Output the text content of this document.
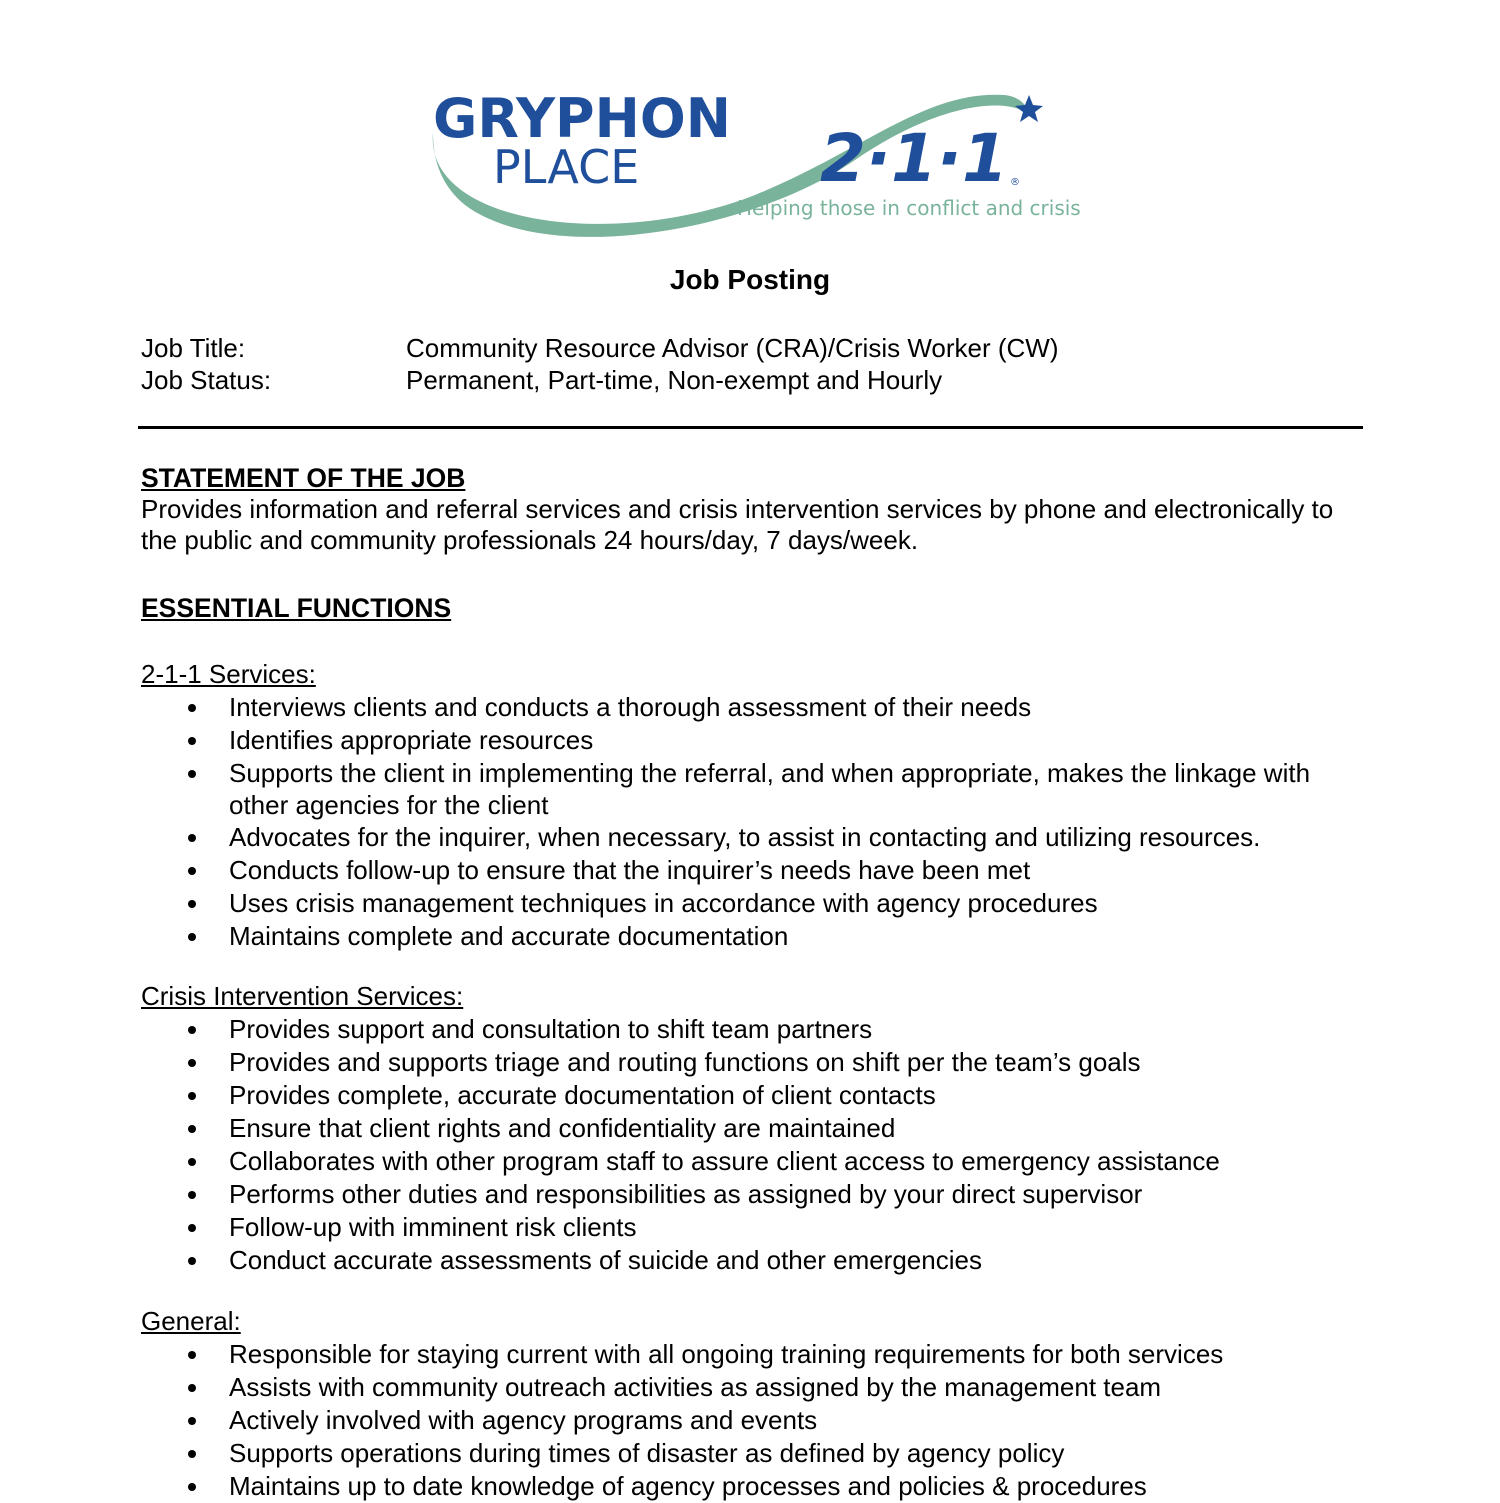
GRYPHON
PLACE	2·1·1 ®
Helping those in conflict and crisis
Job Posting
Job Title:	Community Resource Advisor (CRA)/Crisis Worker (CW)
Job Status:	Permanent, Part-time, Non-exempt and Hourly
STATEMENT OF THE JOB

Provides information and referral services and crisis intervention services by phone and electronically to the public and community professionals 24 hours/day, 7 days/week.

ESSENTIAL FUNCTIONS
2-1-1 Services:
Interviews clients and conducts a thorough assessment of their needs
Identifies appropriate resources
Supports the client in implementing the referral, and when appropriate, makes the linkage with other agencies for the client
Advocates for the inquirer, when necessary, to assist in contacting and utilizing resources.
Conducts follow-up to ensure that the inquirer’s needs have been met
Uses crisis management techniques in accordance with agency procedures
Maintains complete and accurate documentation
Crisis Intervention Services:
Provides support and consultation to shift team partners
Provides and supports triage and routing functions on shift per the team’s goals
Provides complete, accurate documentation of client contacts
Ensure that client rights and confidentiality are maintained
Collaborates with other program staff to assure client access to emergency assistance
Performs other duties and responsibilities as assigned by your direct supervisor
Follow-up with imminent risk clients
Conduct accurate assessments of suicide and other emergencies
General:
Responsible for staying current with all ongoing training requirements for both services
Assists with community outreach activities as assigned by the management team
Actively involved with agency programs and events
Supports operations during times of disaster as defined by agency policy
Maintains up to date knowledge of agency processes and policies & procedures
